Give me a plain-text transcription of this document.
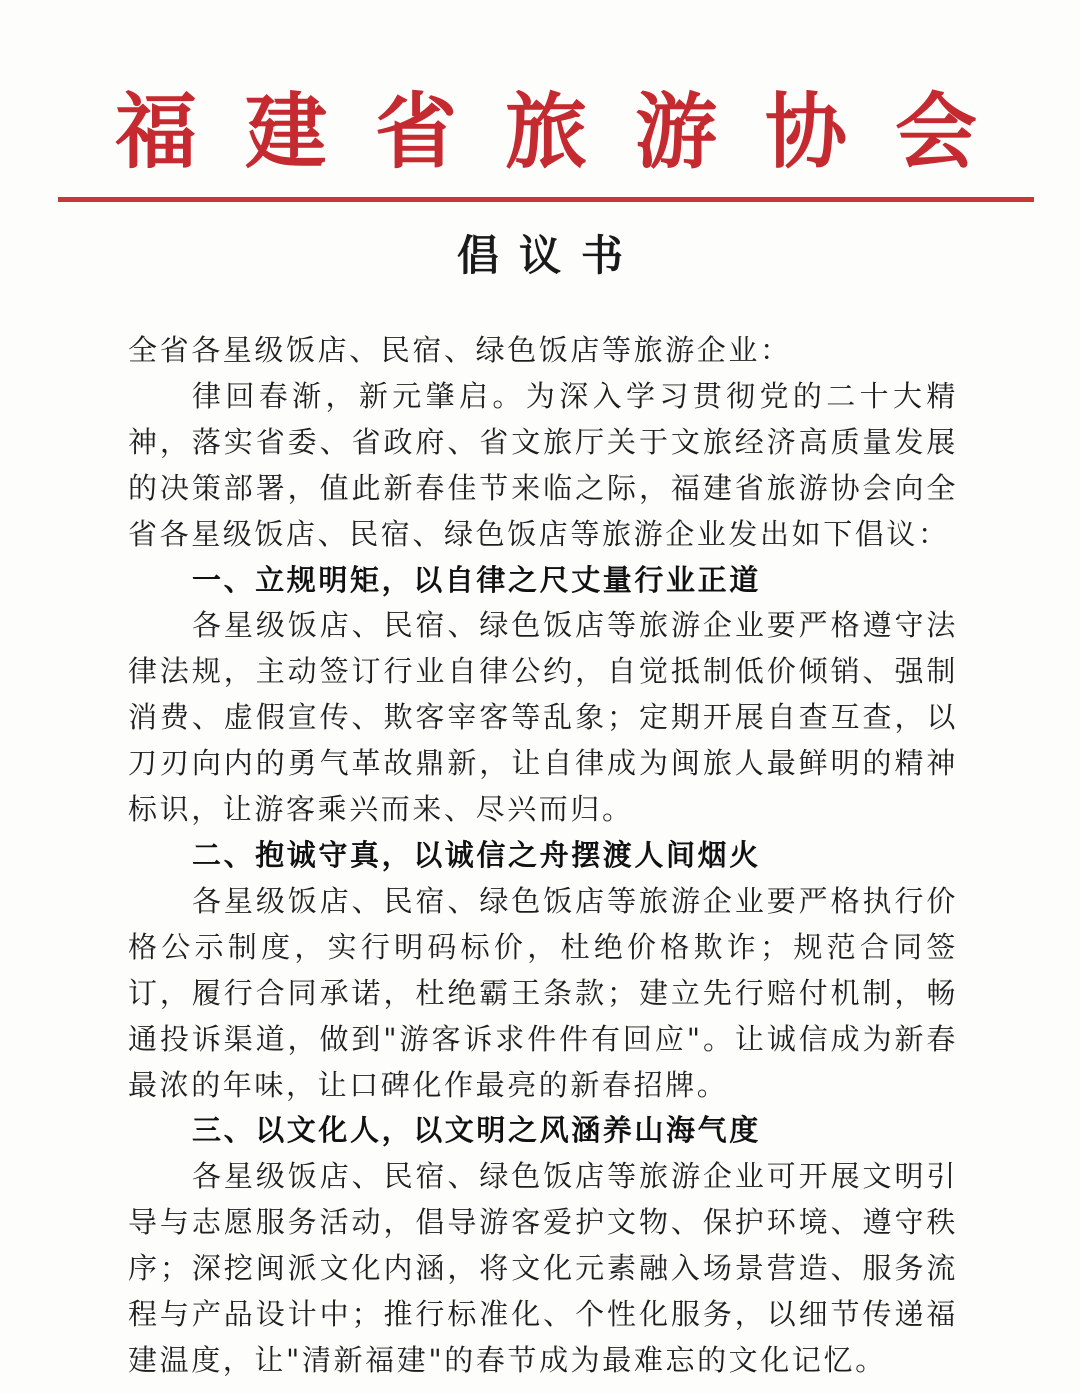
福建省旅游协会
倡议书

全省各星级饭店、民宿、绿色饭店等旅游企业：

律回春渐，新元肇启。为深入学习贯彻党的二十大精神，落实省委、省政府、省文旅厅关于文旅经济高质量发展的决策部署，值此新春佳节来临之际，福建省旅游协会向全省各星级饭店、民宿、绿色饭店等旅游企业发出如下倡议：

一、立规明矩，以自律之尺丈量行业正道

各星级饭店、民宿、绿色饭店等旅游企业要严格遵守法律法规，主动签订行业自律公约，自觉抵制低价倾销、强制消费、虚假宣传、欺客宰客等乱象；定期开展自查互查，以刀刃向内的勇气革故鼎新，让自律成为闽旅人最鲜明的精神标识，让游客乘兴而来、尽兴而归。

二、抱诚守真，以诚信之舟摆渡人间烟火

各星级饭店、民宿、绿色饭店等旅游企业要严格执行价格公示制度，实行明码标价，杜绝价格欺诈；规范合同签订，履行合同承诺，杜绝霸王条款；建立先行赔付机制，畅通投诉渠道，做到"游客诉求件件有回应"。让诚信成为新春最浓的年味，让口碑化作最亮的新春招牌。

三、以文化人，以文明之风涵养山海气度

各星级饭店、民宿、绿色饭店等旅游企业可开展文明引导与志愿服务活动，倡导游客爱护文物、保护环境、遵守秩序；深挖闽派文化内涵，将文化元素融入场景营造、服务流程与产品设计中；推行标准化、个性化服务，以细节传递福建温度，让"清新福建"的春节成为最难忘的文化记忆。
